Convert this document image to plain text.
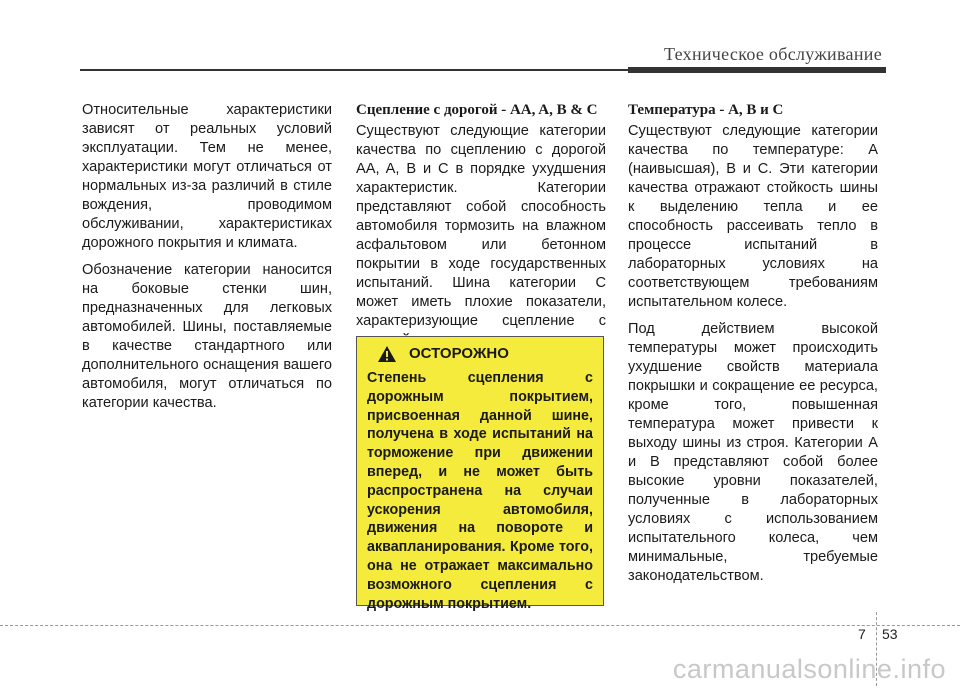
Техническое обслуживание

Относительные характеристики зависят от реальных условий эксплуатации. Тем не менее, характеристики могут отличаться от нормальных из-за различий в стиле вождения, проводимом обслуживании, характеристиках дорожного покрытия и климата.

Обозначение категории наносится на боковые стенки шин, предназначенных для легковых автомобилей. Шины, поставляемые в качестве стандартного или дополнительного оснащения вашего автомобиля, могут отличаться по категории качества.

Сцепление с дорогой - AA, A, B & C

Существуют следующие категории качества по сцеплению с дорогой AA, A, B и C в порядке ухудшения характеристик. Категории представляют собой способность автомобиля тормозить на влажном асфальтовом или бетонном покрытии в ходе государственных испытаний. Шина категории C может иметь плохие показатели, характеризующие сцепление с

ОСТОРОЖНО

Степень сцепления с дорожным покрытием, присвоенная данной шине, получена в ходе испытаний на торможение при движении вперед, и не может быть распространена на случаи ускорения автомобиля, движения на повороте и аквапланирования. Кроме того, она не отражает максимально возможного сцепления с дорожным покрытием.

Температура - A, B и C

Существуют следующие категории качества по температуре: A (наивысшая), B и C. Эти категории качества отражают стойкость шины к выделению тепла и ее способность рассеивать тепло в процессе испытаний в лабораторных условиях на соответствующем требованиям испытательном колесе.

Под действием высокой температуры может происходить ухудшение свойств материала покрышки и сокращение ее ресурса, кроме того, повышенная температура может привести к выходу шины из строя. Категории A и B представляют собой более высокие уровни показателей, полученные в лабораторных условиях с использованием испытательного колеса, чем минимальные, требуемые законодательством.

7 53
carmanualsonline.info
